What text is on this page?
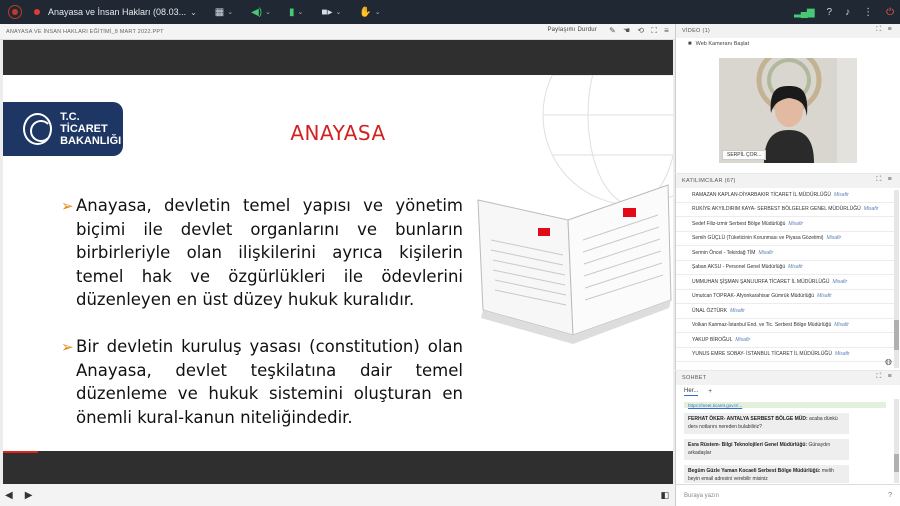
Anayasa ve İnsan Hakları (08.03... ⌄ ▦ ⌄ ◀) ⌄ ▮ ⌄ ■▸ ⌄ ✋ ⌄	▂▄▆ ? ♪ ⋮ ⏻
ANAYASA VE İNSAN HAKLARI EĞİTİMİ_8 MART 2022.PPT	Paylaşımı Durdur ✎ ☚ ⟲ ⛶ ≡
T.C. TİCARET
BAKANLIĞI	ANAYASA
➢ Anayasa, devletin temel yapısı ve yönetim biçimi ile devlet organlarını ve bunların birbirleriyle olan ilişkilerini ayrıca kişilerin temel hak ve özgürlükleri ile ödevlerini düzenleyen en üst düzey hukuk kuralıdır.
➢ Bir devletin kuruluş yasası (constitution) olan Anayasa, devlet teşkilatına dair temel düzenleme ve hukuk sistemini oluşturan en önemli kural-kanun niteliğindedir.
◀ ▶	◧
VİDEO (1)	⛶ ≡
■ Web Kameranı Başlat
SERPİL ÇOR...
KATILIMCILAR (67)	⛶ ≡
RAMAZAN KAPLAN-DİYARBAKIR TİCARET İL MÜDÜRLÜĞÜ Misafir
RUKİYE AKYILDIRIM KAYA- SERBEST BÖLGELER GENEL MÜDÜRLÜĞÜ Misafir
Sedef Filiz-izmir Serbest Bölge Müdürlüğü Misafir
Semih GÜÇLÜ (Tüketicinin Korunması ve Piyasa Gözetimi) Misafir
Sermin Öncel - Tekirdağ TİM Misafir
Şaban AKSU - Personel Genel Müdürlüğü Misafir
UMMUHAN ŞİŞMAN ŞANLIURFA TİCARET İL MÜDÜRLÜĞÜ Misafir
Umutcan TOPRAK- Afyonkarahisar Gümrük Müdürlüğü Misafir
ÜNAL ÖZTÜRK Misafir
Volkan Kanmaz-İstanbul End. ve Tic. Serbest Bölge Müdürlüğü Misafir
YAKUP BİROĞUL Misafir
YUNUS EMRE SOBAY- İSTANBUL TİCARET İL MÜDÜRLÜĞÜ Misafir
◍
SOHBET	⛶ ≡
Her... +
https://meet.ticaret.gov.tr/...
FERHAT ÖKER- ANTALYA SERBEST BÖLGE MÜD: acaba dünkü ders notlarını nereden bulabiliriz?
Esra Rüstem- Bilgi Teknolojileri Genel Müdürlüğü: Günaydın arkadaşlar
Begüm Güzle Yaman Kocaeli Serbest Bölge Müdürlüğü: melih beyin email adresini verebilir misiniz
Buraya yazın	?
